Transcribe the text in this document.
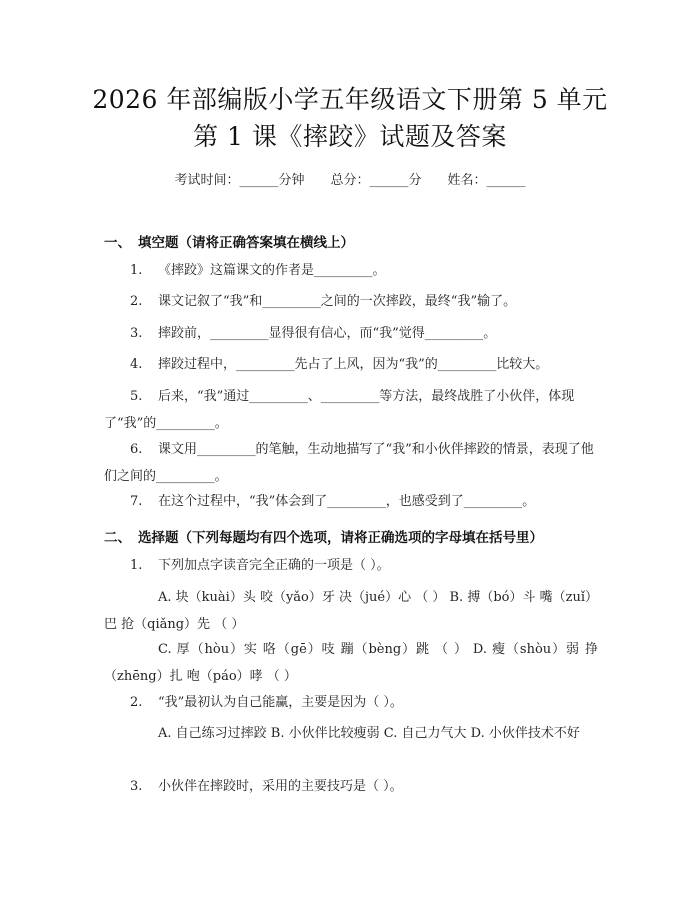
2026 年部编版小学五年级语文下册第 5 单元
第 1 课《摔跤》试题及答案
考试时间：______分钟 总分：______分 姓名：______
一、 填空题（请将正确答案填在横线上）
1. 《摔跤》这篇课文的作者是_________。
2. 课文记叙了“我”和_________之间的一次摔跤，最终“我”输了。
3. 摔跤前，_________显得很有信心，而“我”觉得_________。
4. 摔跤过程中，_________先占了上风，因为“我”的_________比较大。
5. 后来，“我”通过_________、_________等方法，最终战胜了小伙伴，体现了“我”的_________。
6. 课文用_________的笔触，生动地描写了“我”和小伙伴摔跤的情景，表现了他们之间的_________。
7. 在这个过程中，“我”体会到了_________，也感受到了_________。
二、 选择题（下列每题均有四个选项，请将正确选项的字母填在括号里）
1. 下列加点字读音完全正确的一项是（ ）。
A. 块（kuài）头 咬（yǎo）牙 决（jué）心 （ ） B. 搏（bó）斗 嘴（zuǐ）巴 抢（qiǎng）先 （ ）
C. 厚（hòu）实 咯（gē）吱 蹦（bèng）跳 （ ） D. 瘦（shòu）弱 挣（zhēng）扎 咆（páo）哮 （ ）
2. “我”最初认为自己能赢，主要是因为（ ）。
A. 自己练习过摔跤 B. 小伙伴比较瘦弱 C. 自己力气大 D. 小伙伴技术不好
3. 小伙伴在摔跤时，采用的主要技巧是（ ）。
